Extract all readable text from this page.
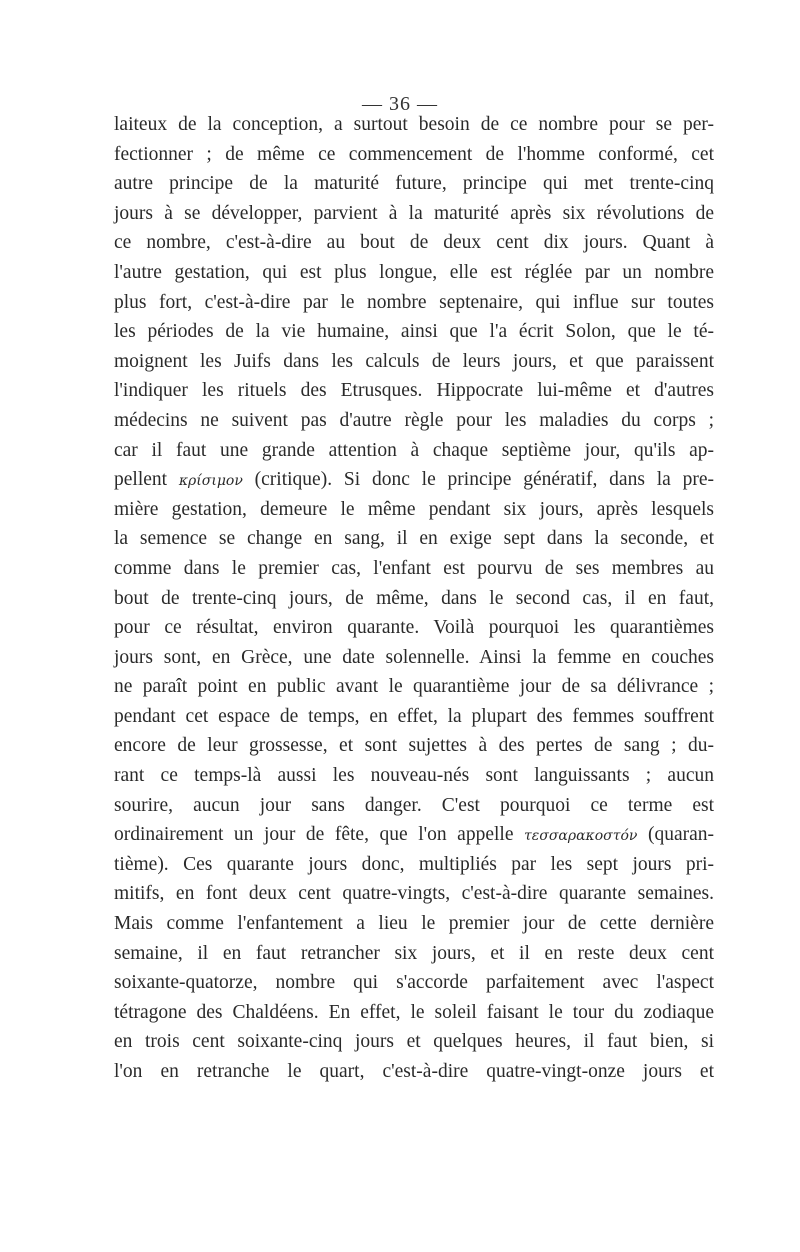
— 36 —
laiteux de la conception, a surtout besoin de ce nombre pour se per-
fectionner ; de même ce commencement de l'homme conformé, cet
autre principe de la maturité future, principe qui met trente-cinq
jours à se développer, parvient à la maturité après six révolutions de
ce nombre, c'est-à-dire au bout de deux cent dix jours. Quant à
l'autre gestation, qui est plus longue, elle est réglée par un nombre
plus fort, c'est-à-dire par le nombre septenaire, qui influe sur toutes
les périodes de la vie humaine, ainsi que l'a écrit Solon, que le té-
moignent les Juifs dans les calculs de leurs jours, et que paraissent
l'indiquer les rituels des Etrusques. Hippocrate lui-même et d'autres
médecins ne suivent pas d'autre règle pour les maladies du corps ;
car il faut une grande attention à chaque septième jour, qu'ils ap-
pellent κρίσιμον (critique). Si donc le principe génératif, dans la pre-
mière gestation, demeure le même pendant six jours, après lesquels
la semence se change en sang, il en exige sept dans la seconde, et
comme dans le premier cas, l'enfant est pourvu de ses membres au
bout de trente-cinq jours, de même, dans le second cas, il en faut,
pour ce résultat, environ quarante. Voilà pourquoi les quarantièmes
jours sont, en Grèce, une date solennelle. Ainsi la femme en couches
ne paraît point en public avant le quarantième jour de sa délivrance ;
pendant cet espace de temps, en effet, la plupart des femmes souffrent
encore de leur grossesse, et sont sujettes à des pertes de sang ; du-
rant ce temps-là aussi les nouveau-nés sont languissants ; aucun
sourire, aucun jour sans danger. C'est pourquoi ce terme est
ordinairement un jour de fête, que l'on appelle τεσσαρακοστόν (quaran-
tième). Ces quarante jours donc, multipliés par les sept jours pri-
mitifs, en font deux cent quatre-vingts, c'est-à-dire quarante semaines.
Mais comme l'enfantement a lieu le premier jour de cette dernière
semaine, il en faut retrancher six jours, et il en reste deux cent
soixante-quatorze, nombre qui s'accorde parfaitement avec l'aspect
tétragone des Chaldéens. En effet, le soleil faisant le tour du zodiaque
en trois cent soixante-cinq jours et quelques heures, il faut bien, si
l'on en retranche le quart, c'est-à-dire quatre-vingt-onze jours et
